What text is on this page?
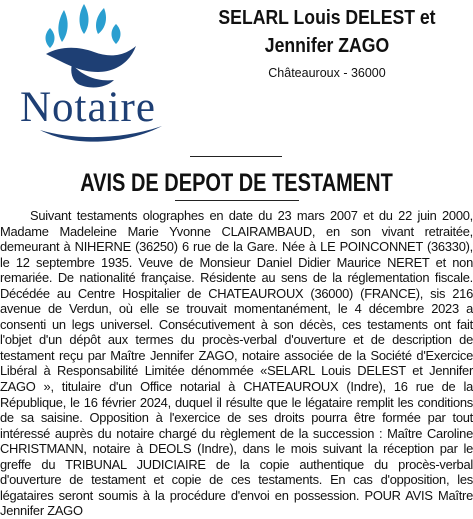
Notaire
SELARL Louis DELEST et
Jennifer ZAGO
Châteauroux - 36000
AVIS DE DEPOT DE TESTAMENT

Suivant testaments olographes en date du 23 mars 2007 et du 22 juin 2000, Madame Madeleine Marie Yvonne CLAIRAMBAUD, en son vivant retraitée, demeurant à NIHERNE (36250) 6 rue de la Gare. Née à LE POINCONNET (36330), le 12 septembre 1935. Veuve de Monsieur Daniel Didier Maurice NERET et non remariée. De nationalité française. Résidente au sens de la réglementation fiscale. Décédée au Centre Hospitalier de CHATEAUROUX (36000) (FRANCE), sis 216 avenue de Verdun, où elle se trouvait momentanément, le 4 décembre 2023 a consenti un legs universel. Consécutivement à son décès, ces testaments ont fait l'objet d'un dépôt aux termes du procès-verbal d'ouverture et de description de testament reçu par Maître Jennifer ZAGO, notaire associée de la Société d'Exercice Libéral à Responsabilité Limitée dénommée «SELARL Louis DELEST et Jennifer ZAGO », titulaire d'un Office notarial à CHATEAUROUX (Indre), 16 rue de la République, le 16 février 2024, duquel il résulte que le légataire remplit les conditions de sa saisine. Opposition à l'exercice de ses droits pourra être formée par tout intéressé auprès du notaire chargé du règlement de la succession : Maître Caroline CHRISTMANN, notaire à DEOLS (Indre), dans le mois suivant la réception par le greffe du TRIBUNAL JUDICIAIRE de la copie authentique du procès-verbal d'ouverture de testament et copie de ces testaments. En cas d'opposition, les légataires seront soumis à la procédure d'envoi en possession. POUR AVIS Maître Jennifer ZAGO
